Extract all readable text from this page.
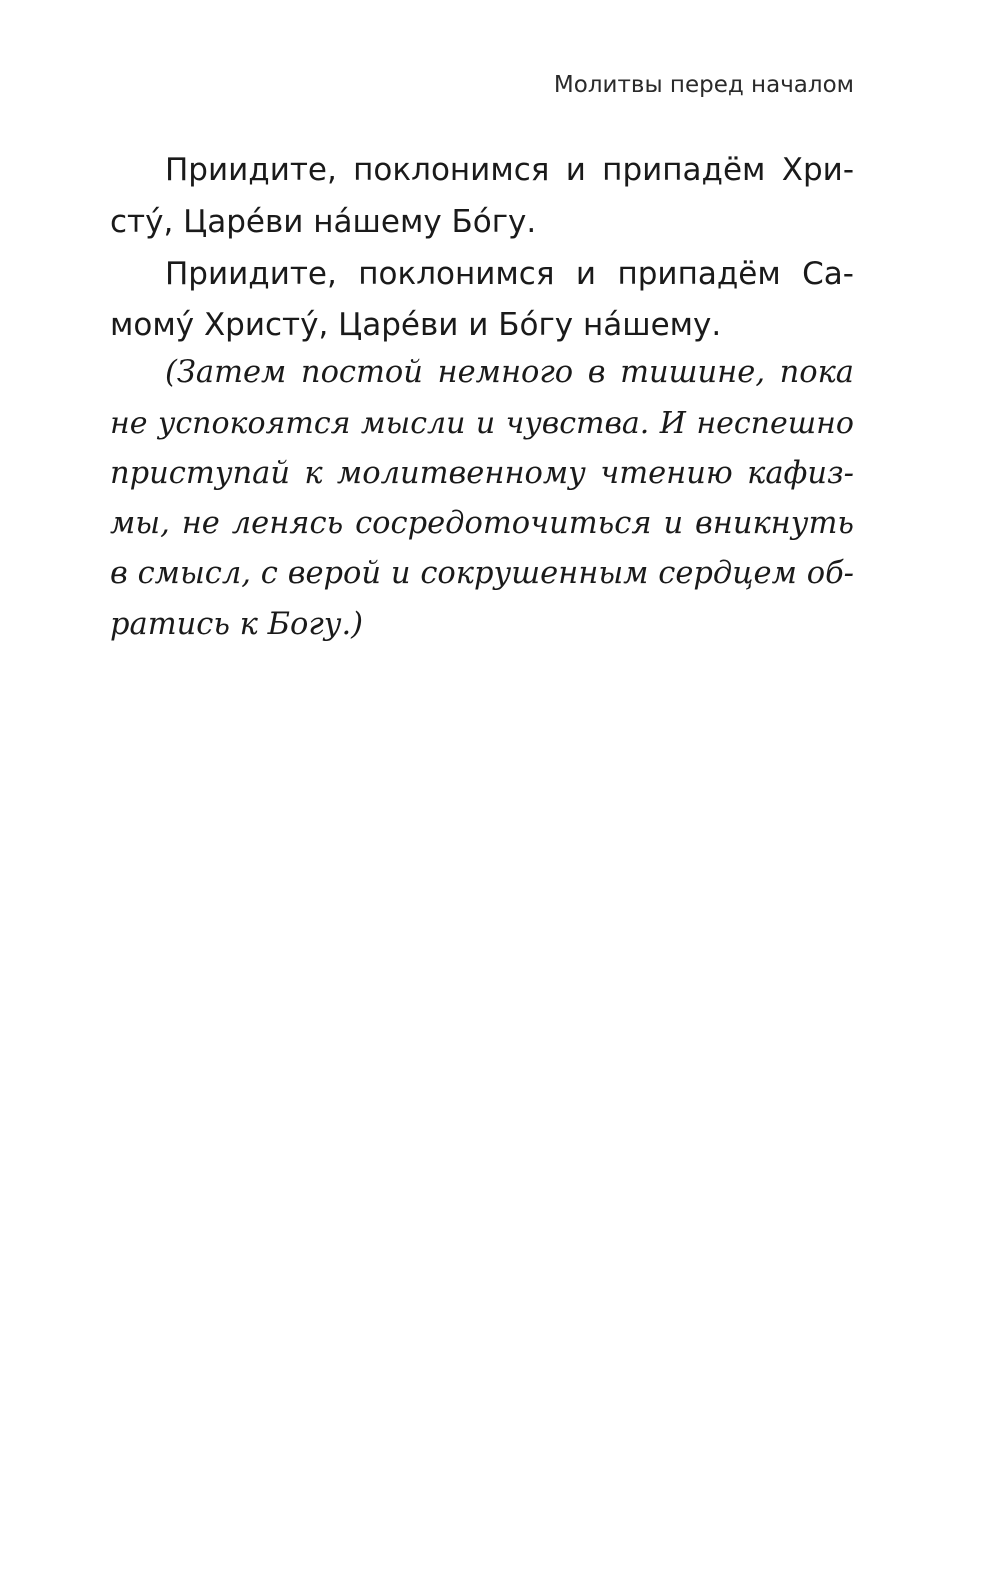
Молитвы перед началом
Приидите, поклонимся и припадём Хри-
сту́, Царе́ви на́шему Бо́гу.
Приидите, поклонимся и припадём Са-
мому́ Христу́, Царе́ви и Бо́гу на́шему.
(Затем постой немного в тишине, пока
не успокоятся мысли и чувства. И неспешно
приступай к молитвенному чтению кафиз-
мы, не ленясь сосредоточиться и вникнуть
в смысл, с верой и сокрушенным сердцем об-
ратись к Богу.)
